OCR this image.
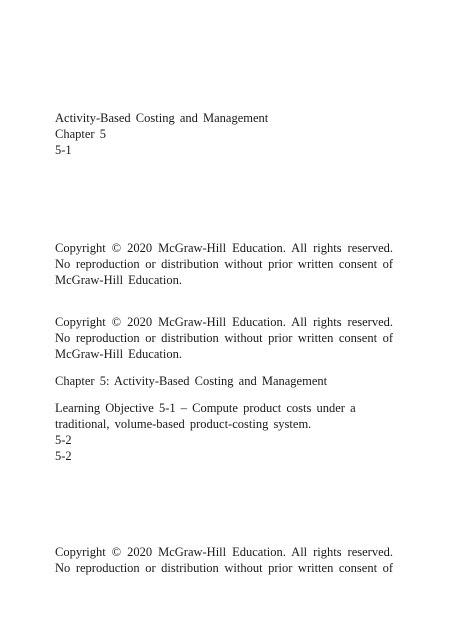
Activity-Based Costing and Management
Chapter 5
5-1
Copyright © 2020 McGraw-Hill Education. All rights reserved.
No reproduction or distribution without prior written consent of
McGraw-Hill Education.
Copyright © 2020 McGraw-Hill Education. All rights reserved.
No reproduction or distribution without prior written consent of
McGraw-Hill Education.
Chapter 5: Activity-Based Costing and Management
Learning Objective 5-1 – Compute product costs under a
traditional, volume-based product-costing system.
5-2
5-2
Copyright © 2020 McGraw-Hill Education. All rights reserved.
No reproduction or distribution without prior written consent of
